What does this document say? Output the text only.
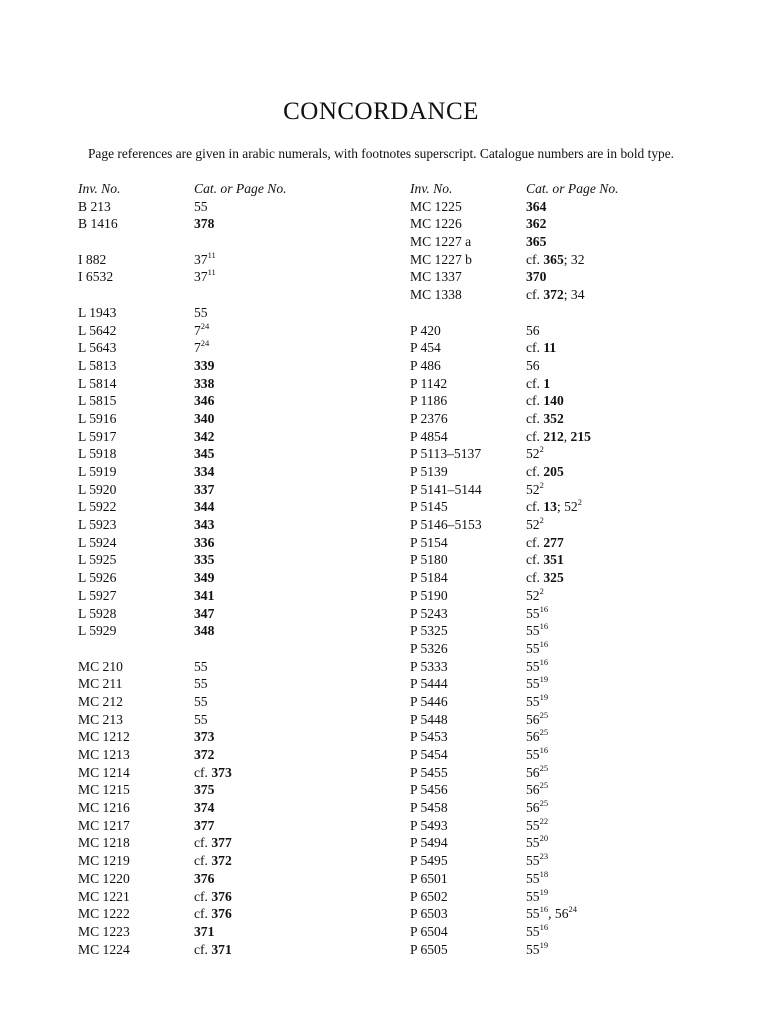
CONCORDANCE
Page references are given in arabic numerals, with footnotes superscript. Catalogue numbers are in bold type.
Inv. No.	Cat. or Page No.
B 213	55
B 1416	378
I 882	$37^{11}$
I 6532	$37^{11}$
L 1943	55
L 5642	$7^{24}$
L 5643	$7^{24}$
L 5813	339
L 5814	338
L 5815	346
L 5916	340
L 5917	342
L 5918	345
L 5919	334
L 5920	337
L 5922	344
L 5923	343
L 5924	336
L 5925	335
L 5926	349
L 5927	341
L 5928	347
L 5929	348
MC 210	55
MC 211	55
MC 212	55
MC 213	55
MC 1212	373
MC 1213	372
MC 1214	cf. 373
MC 1215	375
MC 1216	374
MC 1217	377
MC 1218	cf. 377
MC 1219	cf. 372
MC 1220	376
MC 1221	cf. 376
MC 1222	cf. 376
MC 1223	371
MC 1224	cf. 371
Inv. No.	Cat. or Page No.
MC 1225	364
MC 1226	362
MC 1227 a	365
MC 1227 b	cf. 365; 32
MC 1337	370
MC 1338	cf. 372; 34
P 420	56
P 454	cf. 11
P 486	56
P 1142	cf. 1
P 1186	cf. 140
P 2376	cf. 352
P 4854	cf. 212, 215
P 5113–5137	$52^2$
P 5139	cf. 205
P 5141–5144	$52^2$
P 5145	cf. 13; $52^2$
P 5146–5153	$52^2$
P 5154	cf. 277
P 5180	cf. 351
P 5184	cf. 325
P 5190	$52^2$
P 5243	$55^{16}$
P 5325	$55^{16}$
P 5326	$55^{16}$
P 5333	$55^{16}$
P 5444	$55^{19}$
P 5446	$55^{19}$
P 5448	$56^{25}$
P 5453	$56^{25}$
P 5454	$55^{16}$
P 5455	$56^{25}$
P 5456	$56^{25}$
P 5458	$56^{25}$
P 5493	$55^{22}$
P 5494	$55^{20}$
P 5495	$55^{23}$
P 6501	$55^{18}$
P 6502	$55^{19}$
P 6503	$55^{16}$, $56^{24}$
P 6504	$55^{16}$
P 6505	$55^{19}$
